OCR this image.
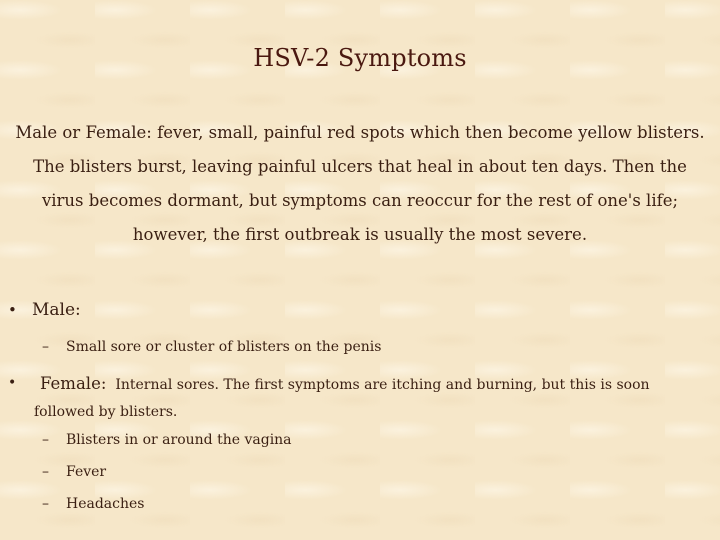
HSV-2 Symptoms
Male or Female: fever, small, painful red spots which then become yellow blisters. The blisters burst, leaving painful ulcers that heal in about ten days. Then the virus becomes dormant, but symptoms can reoccur for the rest of one's life; however, the first outbreak is usually the most severe.
• Male:
– Small sore or cluster of blisters on the penis
•	Female: Internal sores. The first symptoms are itching and burning, but this is soon followed by blisters.
– Blisters in or around the vagina
– Fever
– Headaches
